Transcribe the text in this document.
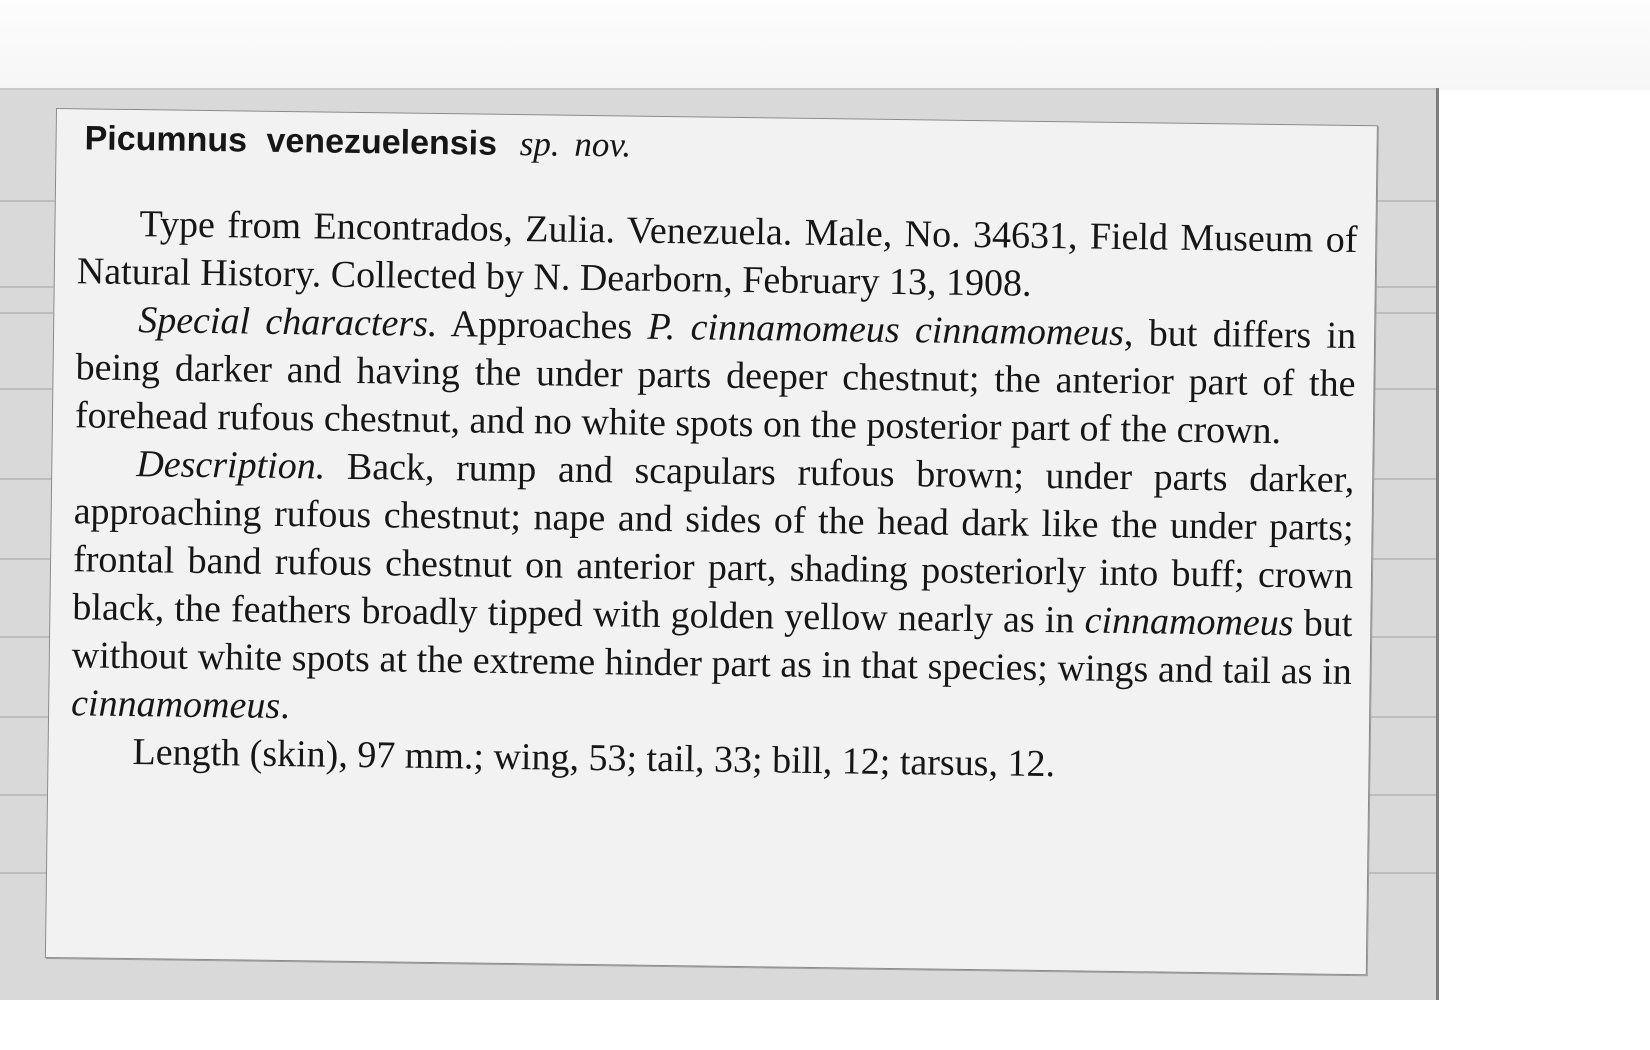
Picumnus venezuelensis sp. nov.

Type from Encontrados, Zulia. Venezuela. Male, No. 34631, Field Museum of Natural History. Collected by N. Dearborn, February 13, 1908.

Special characters. Approaches P. cinnamomeus cinnamomeus, but differs in being darker and having the under parts deeper chestnut; the anterior part of the forehead rufous chestnut, and no white spots on the posterior part of the crown.

Description. Back, rump and scapulars rufous brown; under parts darker, approaching rufous chestnut; nape and sides of the head dark like the under parts; frontal band rufous chestnut on anterior part, shading posteriorly into buff; crown black, the feathers broadly tipped with golden yellow nearly as in cinnamomeus but without white spots at the extreme hinder part as in that species; wings and tail as in cinnamomeus.

Length (skin), 97 mm.; wing, 53; tail, 33; bill, 12; tarsus, 12.
